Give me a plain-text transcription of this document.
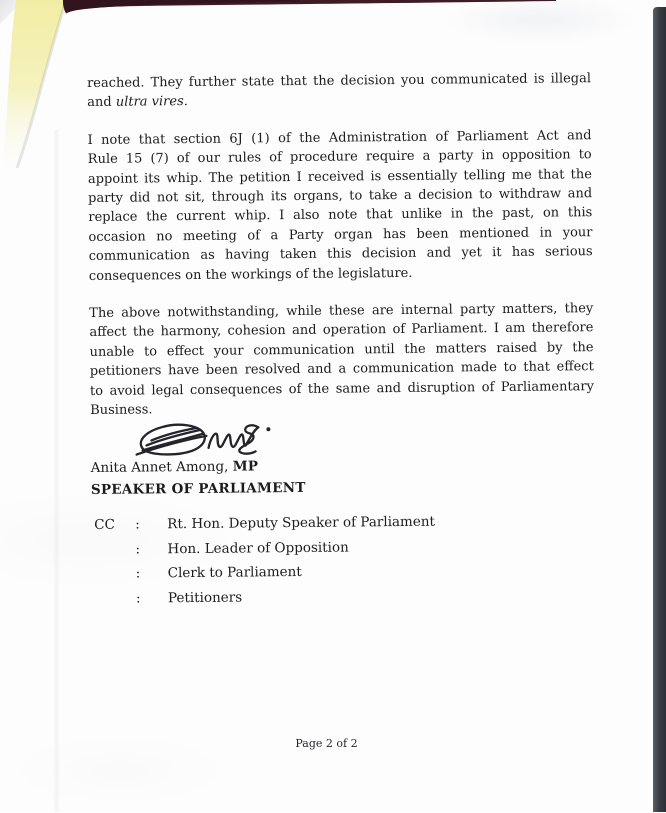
reached. They further state that the decision you communicated is illegal
and ultra vires.
I note that section 6J (1) of the Administration of Parliament Act and
Rule 15 (7) of our rules of procedure require a party in opposition to
appoint its whip. The petition I received is essentially telling me that the
party did not sit, through its organs, to take a decision to withdraw and
replace the current whip. I also note that unlike in the past, on this
occasion no meeting of a Party organ has been mentioned in your
communication as having taken this decision and yet it has serious
consequences on the workings of the legislature.
The above notwithstanding, while these are internal party matters, they
affect the harmony, cohesion and operation of Parliament. I am therefore
unable to effect your communication until the matters raised by the
petitioners have been resolved and a communication made to that effect
to avoid legal consequences of the same and disruption of Parliamentary
Business.
Anita Annet Among, MP
SPEAKER OF PARLIAMENT
CC	:	Rt. Hon. Deputy Speaker of Parliament
:	Hon. Leader of Opposition
:	Clerk to Parliament
:	Petitioners
Page 2 of 2
